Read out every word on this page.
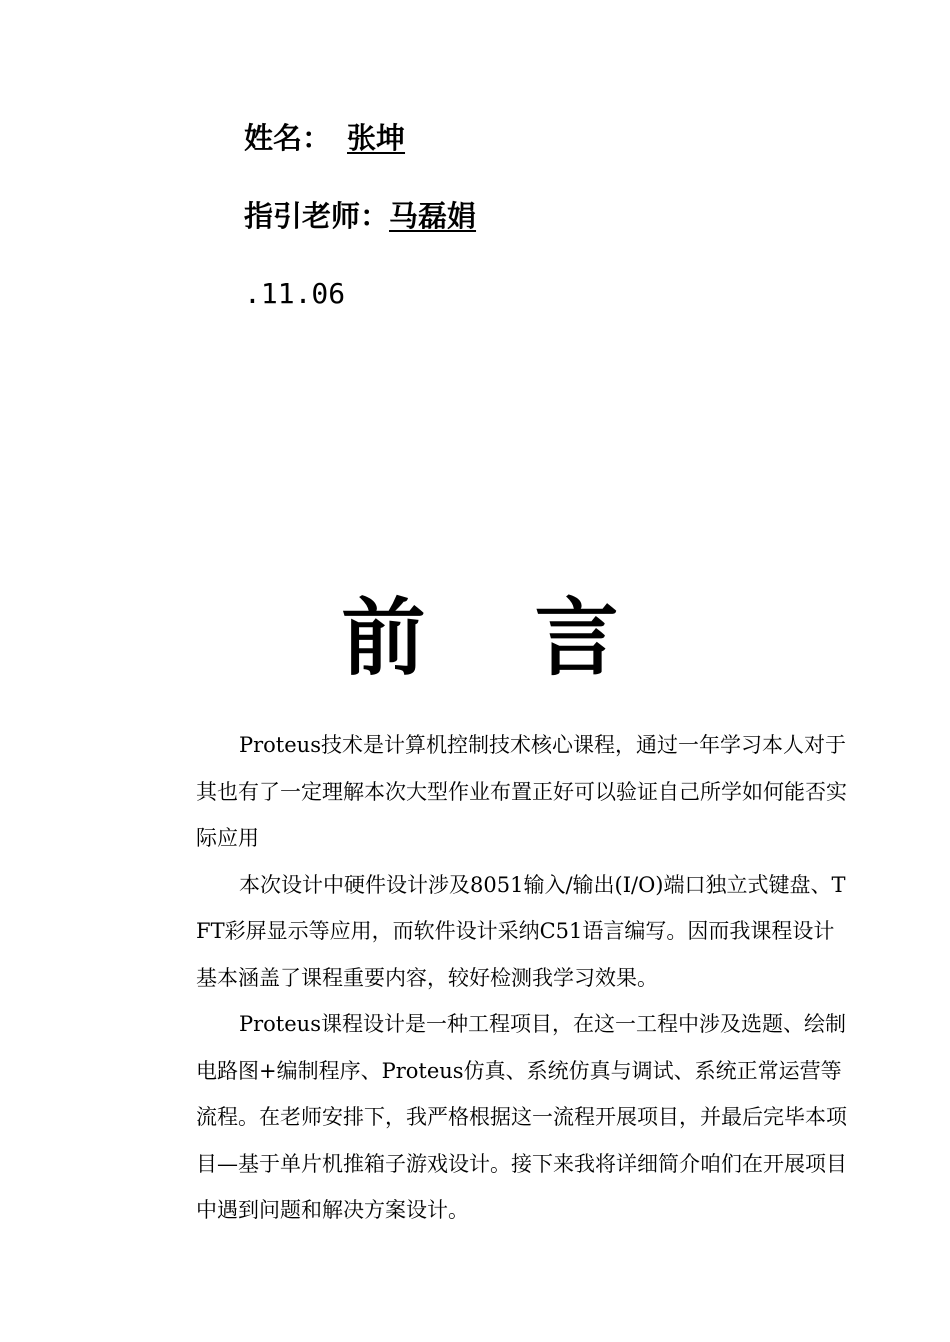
姓名： 张坤
指引老师：马磊娟
.11.06
前 言

Proteus技术是计算机控制技术核心课程，通过一年学习本人对于其也有了一定理解本次大型作业布置正好可以验证自己所学如何能否实际应用

本次设计中硬件设计涉及8051输入/输出(I/O)端口独立式键盘、TFT彩屏显示等应用，而软件设计采纳C51语言编写。因而我课程设计基本涵盖了课程重要内容，较好检测我学习效果。

Proteus课程设计是一种工程项目，在这一工程中涉及选题、绘制电路图+编制程序、Proteus仿真、系统仿真与调试、系统正常运营等流程。在老师安排下，我严格根据这一流程开展项目，并最后完毕本项目—基于单片机推箱子游戏设计。接下来我将详细简介咱们在开展项目中遇到问题和解决方案设计。
